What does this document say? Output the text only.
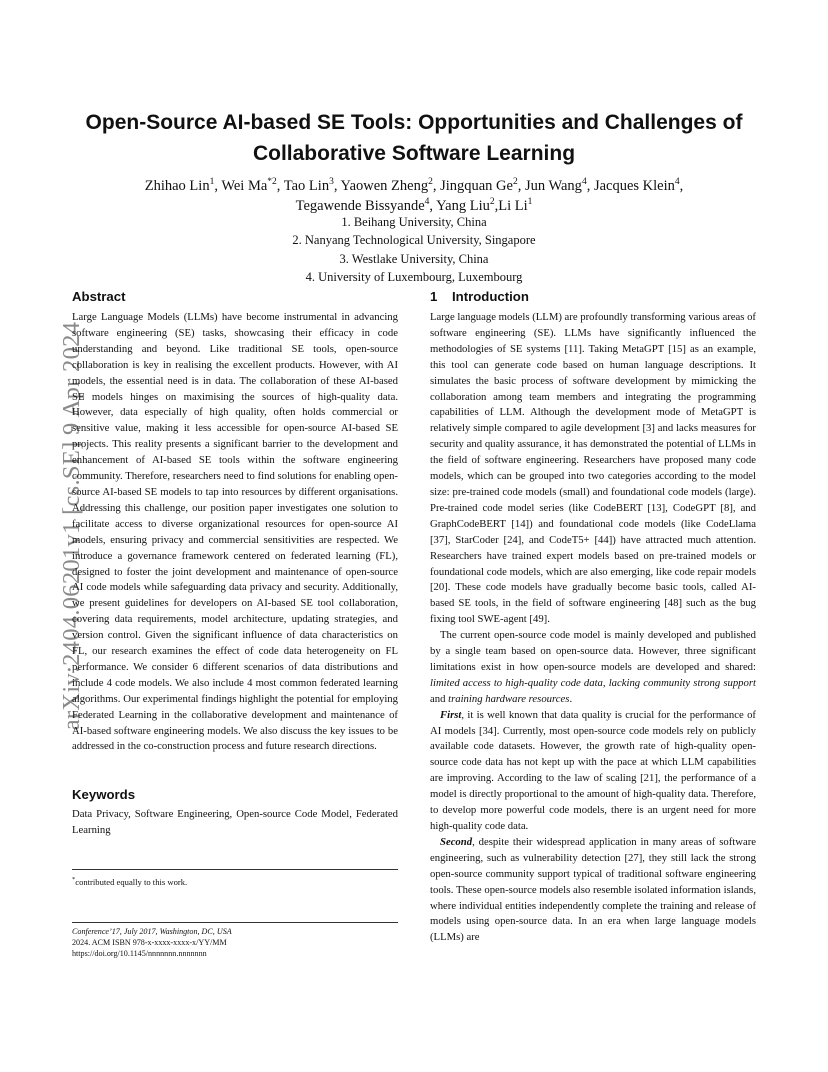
arXiv:2404.06201v1 [cs.SE] 9 Apr 2024
Open-Source AI-based SE Tools: Opportunities and Challenges of Collaborative Software Learning
Zhihao Lin$^1$, Wei Ma$^{*2}$, Tao Lin$^3$, Yaowen Zheng$^2$, Jingquan Ge$^2$, Jun Wang$^4$, Jacques Klein$^4$,
Tegawende Bissyande$^4$, Yang Liu$^2$,Li Li$^1$
1. Beihang University, China
2. Nanyang Technological University, Singapore
3. Westlake University, China
4. University of Luxembourg, Luxembourg
Abstract

Large Language Models (LLMs) have become instrumental in advancing software engineering (SE) tasks, showcasing their efficacy in code understanding and beyond. Like traditional SE tools, open-source collaboration is key in realising the excellent products. However, with AI models, the essential need is in data. The collaboration of these AI-based SE models hinges on maximising the sources of high-quality data. However, data especially of high quality, often holds commercial or sensitive value, making it less accessible for open-source AI-based SE projects. This reality presents a significant barrier to the development and enhancement of AI-based SE tools within the software engineering community. Therefore, researchers need to find solutions for enabling open-source AI-based SE models to tap into resources by different organisations. Addressing this challenge, our position paper investigates one solution to facilitate access to diverse organizational resources for open-source AI models, ensuring privacy and commercial sensitivities are respected. We introduce a governance framework centered on federated learning (FL), designed to foster the joint development and maintenance of open-source AI code models while safeguarding data privacy and security. Additionally, we present guidelines for developers on AI-based SE tool collaboration, covering data requirements, model architecture, updating strategies, and version control. Given the significant influence of data characteristics on FL, our research examines the effect of code data heterogeneity on FL performance. We consider 6 different scenarios of data distributions and include 4 code models. We also include 4 most common federated learning algorithms. Our experimental findings highlight the potential for employing Federated Learning in the collaborative development and maintenance of AI-based software engineering models. We also discuss the key issues to be addressed in the co-construction process and future research directions.

Keywords

Data Privacy, Software Engineering, Open-source Code Model, Federated Learning

*contributed equally to this work.
Conference’17, July 2017, Washington, DC, USA
2024. ACM ISBN 978-x-xxxx-xxxx-x/YY/MM
https://doi.org/10.1145/nnnnnnn.nnnnnnn
1 Introduction

Large language models (LLM) are profoundly transforming various areas of software engineering (SE). LLMs have significantly influenced the methodologies of SE systems [11]. Taking MetaGPT [15] as an example, this tool can generate code based on human language descriptions. It simulates the basic process of software development by mimicking the collaboration among team members and integrating the programming capabilities of LLM. Although the development mode of MetaGPT is relatively simple compared to agile development [3] and lacks measures for security and quality assurance, it has demonstrated the potential of LLMs in the field of software engineering. Researchers have proposed many code models, which can be grouped into two categories according to the model size: pre-trained code models (small) and foundational code models (large). Pre-trained code model series (like CodeBERT [13], CodeGPT [8], and GraphCodeBERT [14]) and foundational code models (like CodeLlama [37], StarCoder [24], and CodeT5+ [44]) have attracted much attention. Researchers have trained expert models based on pre-trained models or foundational code models, which are also emerging, like code repair models [20]. These code models have gradually become basic tools, called AI-based SE tools, in the field of software engineering [48] such as the bug fixing tool SWE-agent [49].

The current open-source code model is mainly developed and published by a single team based on open-source data. However, three significant limitations exist in how open-source models are developed and shared: limited access to high-quality code data, lacking community strong support and training hardware resources.

First, it is well known that data quality is crucial for the performance of AI models [34]. Currently, most open-source code models rely on publicly available code datasets. However, the growth rate of high-quality open-source code data has not kept up with the pace at which LLM capabilities are improving. According to the law of scaling [21], the performance of a model is directly proportional to the amount of high-quality data. Therefore, to develop more powerful code models, there is an urgent need for more high-quality code data.

Second, despite their widespread application in many areas of software engineering, such as vulnerability detection [27], they still lack the strong open-source community support typical of traditional software engineering tools. These open-source models also resemble isolated information islands, where individual entities independently complete the training and release of models using open-source data. In an era when large language models (LLMs) are
